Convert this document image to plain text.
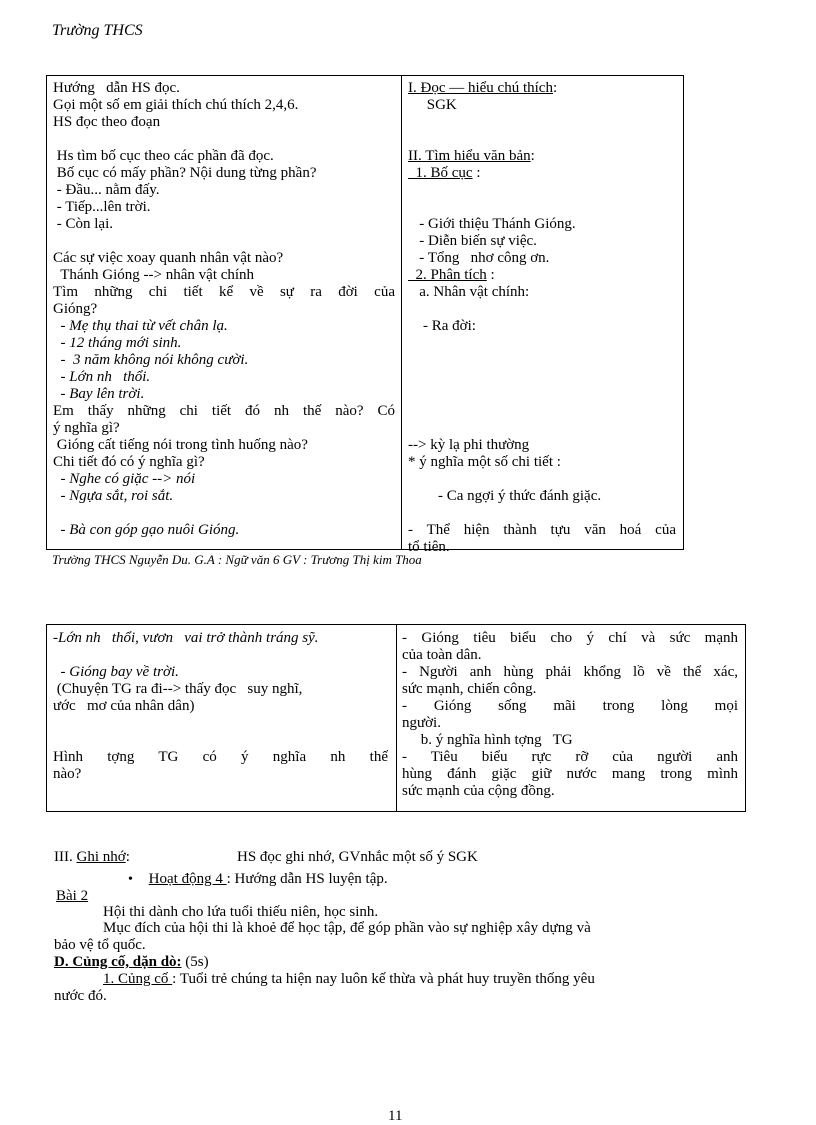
Trường THCS
Hướng   dẫn HS đọc.
Gọi một số em giải thích chú thích 2,4,6.
HS đọc theo đoạn
Hs tìm bố cục theo các phần đã đọc.
Bố cục có mấy phần? Nội dung từng phần?
- Đầu... nằm đấy.
- Tiếp...lên trời.
- Còn lại.
Các sự việc xoay quanh nhân vật nào?
Thánh Gióng --> nhân vật chính
Tìm những chi tiết kể về sự ra đời của
Gióng?
- Mẹ thụ thai từ vết chân lạ.
- 12 tháng mới sinh.
-  3 năm không nói không cười.
- Lớn nh   thổi.
- Bay lên trời.
Em thấy những chi tiết đó nh thế nào? Có
ý nghĩa gì?
Gióng cất tiếng nói trong tình huống nào?
Chi tiết đó có ý nghĩa gì?
- Nghe có giặc --> nói
- Ngựa sắt, roi sắt.
- Bà con góp gạo nuôi Gióng.
I. Đọc — hiểu chú thích:
SGK
II. Tìm hiểu văn bản:
1. Bố cục :
- Giới thiệu Thánh Gióng.
- Diễn biến sự việc.
- Tổng   nhơ công ơn.
2. Phân tích :
a. Nhân vật chính:
- Ra đời:
--> kỳ lạ phi thường
* ý nghĩa một số chi tiết :
- Ca ngợi ý thức đánh giặc.
- Thể hiện thành tựu văn hoá của
tổ tiên.
Trường THCS Nguyễn Du. G.A : Ngữ văn 6 GV : Trương Thị kim Thoa
-Lớn nh   thổi, vươn   vai trở thành tráng sỹ.
- Gióng bay về trời.
(Chuyện TG ra đi--> thấy đọc   suy nghĩ,
ước   mơ của nhân dân)
Hình tợng TG có ý nghĩa nh thế
nào?
- Gióng tiêu biểu cho ý chí và sức mạnh
của toàn dân.
- Người anh hùng phải khổng lồ về thể xác,
sức mạnh, chiến công.
- Gióng sống mãi trong lòng mọi
người.
b. ý nghĩa hình tợng   TG
- Tiêu biểu rực rỡ của người anh
hùng đánh giặc giữ nước mang trong mình
sức mạnh của cộng đồng.
III. Ghi nhớ:	HS đọc ghi nhớ, GVnhắc một số ý SGK
• Hoạt động 4 : Hướng dẫn HS luyện tập.
Bài 2
Hội thi dành cho lứa tuổi thiếu niên, học sinh.
Mục đích của hội thi là khoẻ để học tập, để góp phần vào sự nghiệp xây dựng và
bảo vệ tổ quốc.
D. Củng cố, dặn dò: (5s)
1. Củng cố : Tuổi trẻ chúng ta hiện nay luôn kế thừa và phát huy truyền thống yêu
nước đó.
11
